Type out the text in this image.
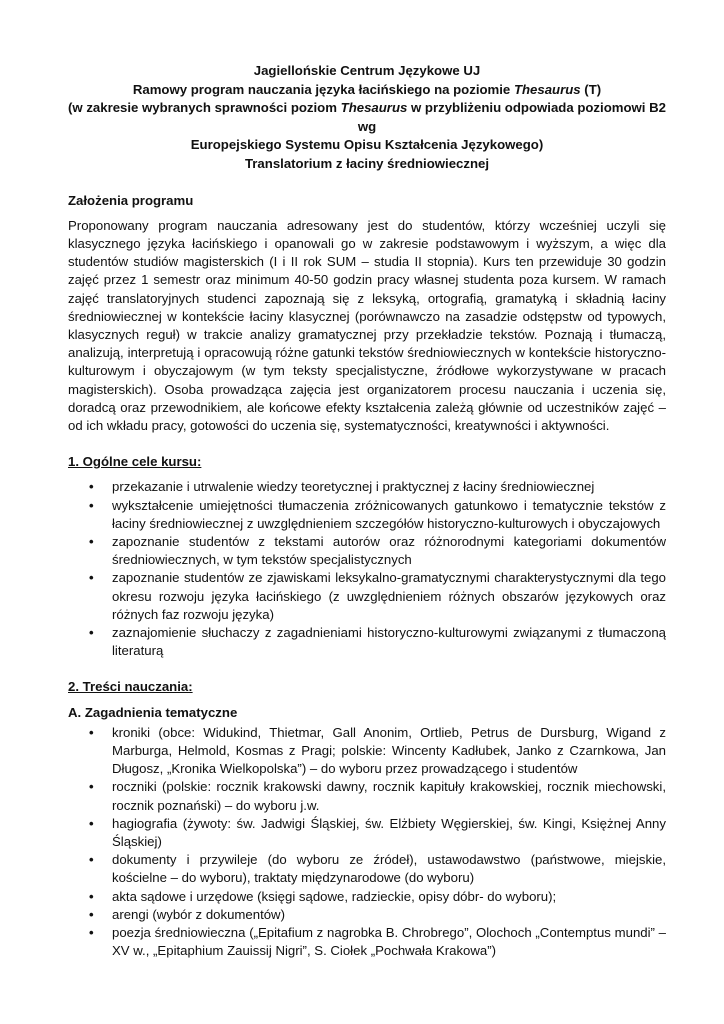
Jagiellońskie Centrum Językowe UJ
Ramowy program nauczania języka łacińskiego na poziomie Thesaurus (T)
(w zakresie wybranych sprawności poziom Thesaurus w przybliżeniu odpowiada poziomowi B2 wg
Europejskiego Systemu Opisu Kształcenia Językowego)
Translatorium z łaciny średniowiecznej
Założenia programu

Proponowany program nauczania adresowany jest do studentów, którzy wcześniej uczyli się klasycznego języka łacińskiego i opanowali go w zakresie podstawowym i wyższym, a więc dla studentów studiów magisterskich (I i II rok SUM – studia II stopnia). Kurs ten przewiduje 30 godzin zajęć przez 1 semestr oraz minimum 40-50 godzin pracy własnej studenta poza kursem. W ramach zajęć translatoryjnych studenci zapoznają się z leksyką, ortografią, gramatyką i składnią łaciny średniowiecznej w kontekście łaciny klasycznej (porównawczo na zasadzie odstępstw od typowych, klasycznych reguł) w trakcie analizy gramatycznej przy przekładzie tekstów. Poznają i tłumaczą, analizują, interpretują i opracowują różne gatunki tekstów średniowiecznych w kontekście historyczno-kulturowym i obyczajowym (w tym teksty specjalistyczne, źródłowe wykorzystywane w pracach magisterskich). Osoba prowadząca zajęcia jest organizatorem procesu nauczania i uczenia się, doradcą oraz przewodnikiem, ale końcowe efekty kształcenia zależą głównie od uczestników zajęć – od ich wkładu pracy, gotowości do uczenia się, systematyczności, kreatywności i aktywności.

1. Ogólne cele kursu:
• przekazanie i utrwalenie wiedzy teoretycznej i praktycznej z łaciny średniowiecznej
• wykształcenie umiejętności tłumaczenia zróżnicowanych gatunkowo i tematycznie tekstów z łaciny średniowiecznej z uwzględnieniem szczegółów historyczno-kulturowych i obyczajowych
• zapoznanie studentów z tekstami autorów oraz różnorodnymi kategoriami dokumentów średniowiecznych, w tym tekstów specjalistycznych
• zapoznanie studentów ze zjawiskami leksykalno-gramatycznymi charakterystycznymi dla tego okresu rozwoju języka łacińskiego (z uwzględnieniem różnych obszarów językowych oraz różnych faz rozwoju języka)
• zaznajomienie słuchaczy z zagadnieniami historyczno-kulturowymi związanymi z tłumaczoną literaturą
2. Treści nauczania:
A. Zagadnienia tematyczne
• kroniki (obce: Widukind, Thietmar, Gall Anonim, Ortlieb, Petrus de Dursburg, Wigand z Marburga, Helmold, Kosmas z Pragi; polskie: Wincenty Kadłubek, Janko z Czarnkowa, Jan Długosz, „Kronika Wielkopolska”) – do wyboru przez prowadzącego i studentów
• roczniki (polskie: rocznik krakowski dawny, rocznik kapituły krakowskiej, rocznik miechowski, rocznik poznański) – do wyboru j.w.
• hagiografia (żywoty: św. Jadwigi Śląskiej, św. Elżbiety Węgierskiej, św. Kingi, Księżnej Anny Śląskiej)
• dokumenty i przywileje (do wyboru ze źródeł), ustawodawstwo (państwowe, miejskie, kościelne – do wyboru), traktaty międzynarodowe (do wyboru)
• akta sądowe i urzędowe (księgi sądowe, radzieckie, opisy dóbr- do wyboru);
• arengi (wybór z dokumentów)
• poezja średniowieczna („Epitafium z nagrobka B. Chrobrego”, Olochoch „Contemptus mundi” – XV w., „Epitaphium Zauissij Nigri”, S. Ciołek „Pochwała Krakowa”)
